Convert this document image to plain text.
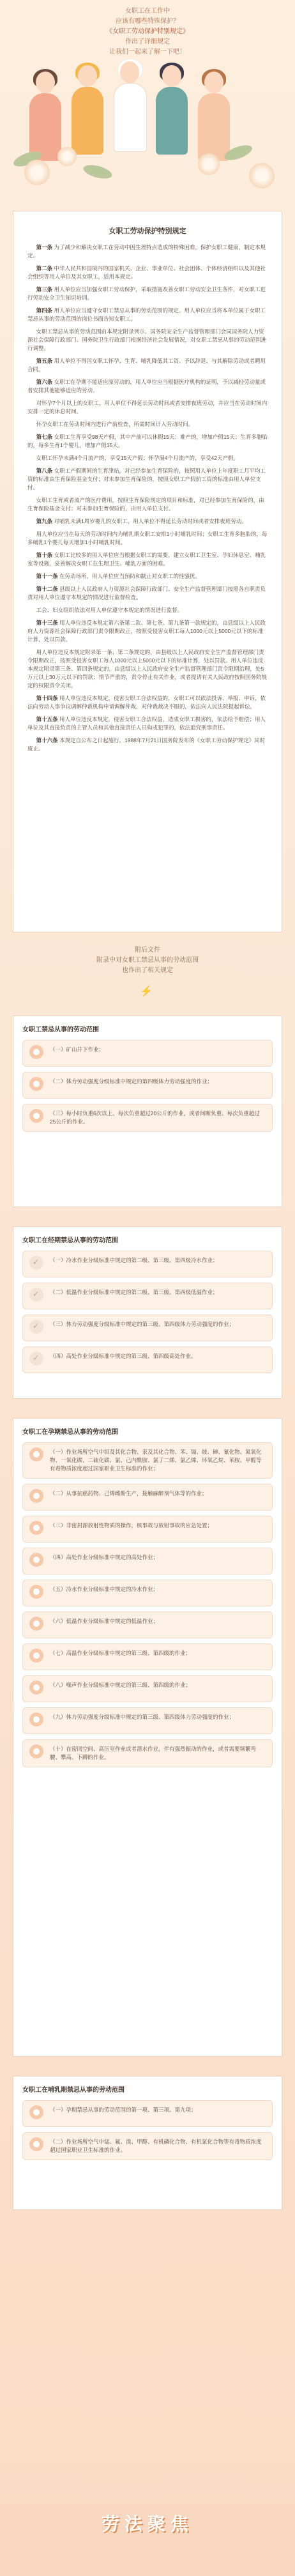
女职工在工作中

应该有哪些特殊保护？

《女职工劳动保护特别规定》

作出了详细规定

让我们一起来了解一下吧！

女职工劳动保护特别规定

第一条 为了减少和解决女职工在劳动中因生理特点造成的特殊困难，保护女职工健康，制定本规定。

第二条 中华人民共和国境内的国家机关、企业、事业单位、社会团体、个体经济组织以及其他社会组织等用人单位及其女职工，适用本规定。

第三条 用人单位应当加强女职工劳动保护，采取措施改善女职工劳动安全卫生条件，对女职工进行劳动安全卫生知识培训。

第四条 用人单位应当遵守女职工禁忌从事的劳动范围的规定。用人单位应当将本单位属于女职工禁忌从事的劳动范围的岗位书面告知女职工。

女职工禁忌从事的劳动范围由本规定附录列示。国务院安全生产监督管理部门会同国务院人力资源社会保障行政部门、国务院卫生行政部门根据经济社会发展情况，对女职工禁忌从事的劳动范围进行调整。

第五条 用人单位不得因女职工怀孕、生育、哺乳降低其工资、予以辞退、与其解除劳动或者聘用合同。

第六条 女职工在孕期不能适应原劳动的，用人单位应当根据医疗机构的证明，予以减轻劳动量或者安排其他能够适应的劳动。

对怀孕7个月以上的女职工，用人单位不得延长劳动时间或者安排夜班劳动，并应当在劳动时间内安排一定的休息时间。

怀孕女职工在劳动时间内进行产前检查，所需时间计入劳动时间。

第七条 女职工生育享受98天产假，其中产前可以休假15天；难产的，增加产假15天；生育多胞胎的，每多生育1个婴儿，增加产假15天。

女职工怀孕未满4个月流产的，享受15天产假；怀孕满4个月流产的，享受42天产假。

第八条 女职工产假期间的生育津贴，对已经参加生育保险的，按照用人单位上年度职工月平均工资的标准由生育保险基金支付；对未参加生育保险的，按照女职工产假前工资的标准由用人单位支付。

女职工生育或者流产的医疗费用，按照生育保险规定的项目和标准，对已经参加生育保险的，由生育保险基金支付；对未参加生育保险的，由用人单位支付。

第九条 对哺乳未满1周岁婴儿的女职工，用人单位不得延长劳动时间或者安排夜班劳动。

用人单位应当在每天的劳动时间内为哺乳期女职工安排1小时哺乳时间；女职工生育多胞胎的，每多哺乳1个婴儿每天增加1小时哺乳时间。

第十条 女职工比较多的用人单位应当根据女职工的需要，建立女职工卫生室、孕妇休息室、哺乳室等设施，妥善解决女职工在生理卫生、哺乳方面的困难。

第十一条 在劳动场所，用人单位应当预防和制止对女职工的性骚扰。

第十二条 县级以上人民政府人力资源社会保障行政部门、安全生产监督管理部门按照各自职责负责对用人单位遵守本规定的情况进行监督检查。

工会、妇女组织依法对用人单位遵守本规定的情况进行监督。

第十三条 用人单位违反本规定第六条第二款、第七条、第九条第一款规定的，由县级以上人民政府人力资源社会保障行政部门责令限期改正，按照受侵害女职工每人1000元以上5000元以下的标准计算，处以罚款。

用人单位违反本规定附录第一条、第二条规定的，由县级以上人民政府安全生产监督管理部门责令限期改正，按照受侵害女职工每人1000元以上5000元以下的标准计算，处以罚款。用人单位违反本规定附录第三条、第四条规定的，由县级以上人民政府安全生产监督管理部门责令限期治理，处5万元以上30万元以下的罚款；情节严重的，责令停止有关作业，或者提请有关人民政府按照国务院规定的权限责令关闭。

第十四条 用人单位违反本规定，侵害女职工合法权益的，女职工可以依法投诉、举报、申诉，依法向劳动人事争议调解仲裁机构申请调解仲裁，对仲裁裁决不服的，依法向人民法院提起诉讼。

第十五条 用人单位违反本规定，侵害女职工合法权益，造成女职工损害的，依法给予赔偿；用人单位及其直接负责的主管人员和其他直接责任人员构成犯罪的，依法追究刑事责任。

第十六条 本规定自公布之日起施行。1988年7月21日国务院发布的《女职工劳动保护规定》同时废止。

附后文件

附录中对女职工禁忌从事的劳动范围

也作出了相关规定

⚡
女职工禁忌从事的劳动范围
（一）矿山井下作业；
（二）体力劳动强度分级标准中规定的第四级体力劳动强度的作业；
（三）每小时负重6次以上、每次负重超过20公斤的作业，或者间断负重、每次负重超过25公斤的作业。
女职工在经期禁忌从事的劳动范围
✓
（一）冷水作业分级标准中规定的第二级、第三级、第四级冷水作业；
✓
（二）低温作业分级标准中规定的第二级、第三级、第四级低温作业；
✓
（三）体力劳动强度分级标准中规定的第三级、第四级体力劳动强度的作业；
✓
（四）高处作业分级标准中规定的第三级、第四级高处作业。
女职工在孕期禁忌从事的劳动范围
（一）作业场所空气中铅及其化合物、汞及其化合物、苯、镉、铍、砷、氰化物、氮氧化物、一氧化碳、二硫化碳、氯、己内酰胺、氯丁二烯、氯乙烯、环氧乙烷、苯胺、甲醛等有毒物质浓度超过国家职业卫生标准的作业；
（二）从事抗癌药物、己烯雌酚生产，接触麻醉剂气体等的作业；
（三）非密封源放射性物质的操作，核事故与放射事故的应急处置；
（四）高处作业分级标准中规定的高处作业；
（五）冷水作业分级标准中规定的冷水作业；
（六）低温作业分级标准中规定的低温作业；
（七）高温作业分级标准中规定的第三级、第四级的作业；
（八）噪声作业分级标准中规定的第三级、第四级的作业；
（九）体力劳动强度分级标准中规定的第三级、第四级体力劳动强度的作业；
（十）在密闭空间、高压室作业或者潜水作业，伴有强烈振动的作业，或者需要频繁弯腰、攀高、下蹲的作业。
女职工在哺乳期禁忌从事的劳动范围
（一）孕期禁忌从事的劳动范围的第一项、第三项、第九项；
（二）作业场所空气中锰、氟、溴、甲醇、有机磷化合物、有机氯化合物等有毒物质浓度超过国家职业卫生标准的作业。
劳法聚焦
